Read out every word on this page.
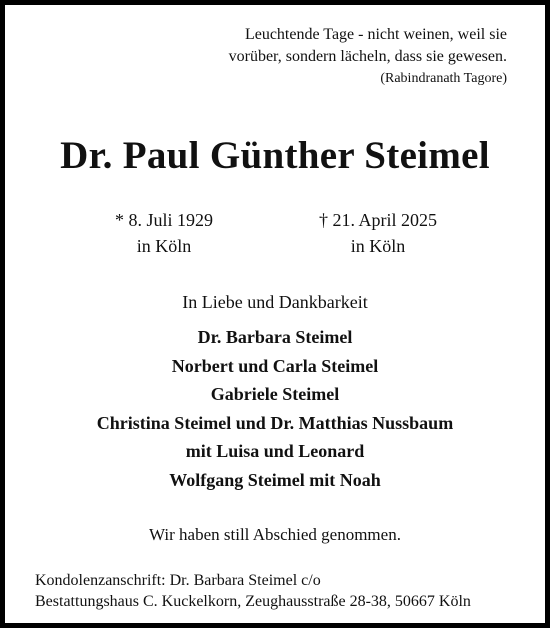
Leuchtende Tage - nicht weinen, weil sie
vorüber, sondern lächeln, dass sie gewesen.
(Rabindranath Tagore)
Dr. Paul Günther Steimel
* 8. Juli 1929
in Köln
† 21. April 2025
in Köln
In Liebe und Dankbarkeit
Dr. Barbara Steimel
Norbert und Carla Steimel
Gabriele Steimel
Christina Steimel und Dr. Matthias Nussbaum
mit Luisa und Leonard
Wolfgang Steimel mit Noah
Wir haben still Abschied genommen.
Kondolenzanschrift: Dr. Barbara Steimel c/o
Bestattungshaus C. Kuckelkorn, Zeughausstraße 28-38, 50667 Köln
